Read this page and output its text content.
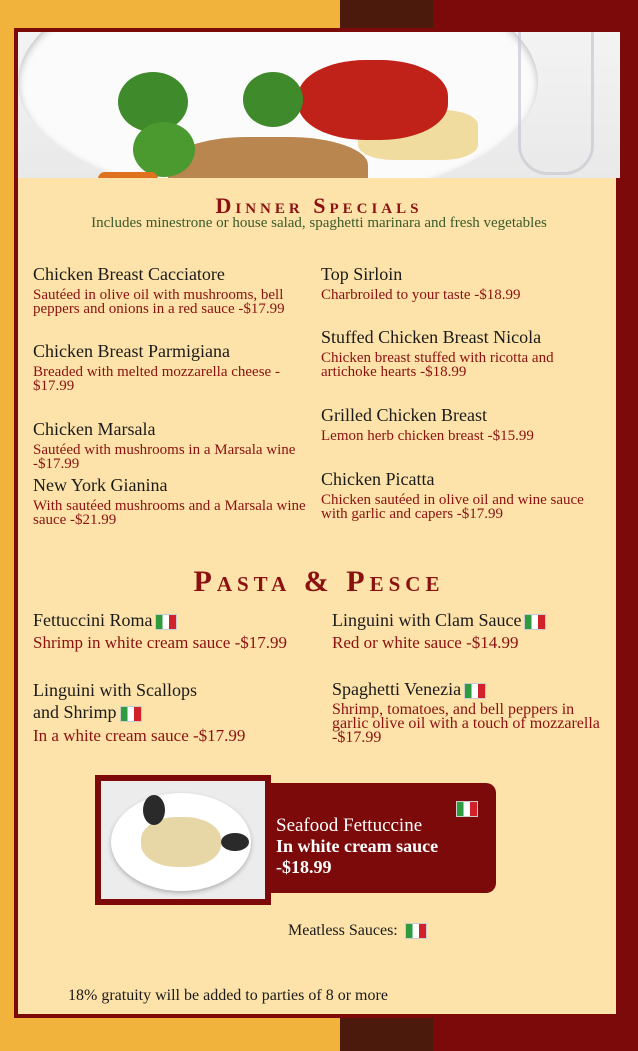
Dinner Specials
Includes minestrone or house salad, spaghetti marinara and fresh vegetables
Chicken Breast Cacciatore
Sautéed in olive oil with mushrooms, bell peppers and onions in a red sauce -$17.99
Chicken Breast Parmigiana
Breaded with melted mozzarella cheese - $17.99
Chicken Marsala
Sautéed with mushrooms in a Marsala wine -$17.99
New York Gianina
With sautéed mushrooms and a Marsala wine sauce -$21.99
Top Sirloin
Charbroiled to your taste -$18.99
Stuffed Chicken Breast Nicola
Chicken breast stuffed with ricotta and artichoke hearts -$18.99
Grilled Chicken Breast
Lemon herb chicken breast -$15.99
Chicken Picatta
Chicken sautéed in olive oil and wine sauce with garlic and capers -$17.99
Pasta & Pesce
Fettuccini Roma
Shrimp in white cream sauce -$17.99
Linguini with Clam Sauce
Red or white sauce -$14.99
Linguini with Scallops
and Shrimp
In a white cream sauce -$17.99
Spaghetti Venezia
Shrimp, tomatoes, and bell peppers in garlic olive oil with a touch of mozzarella -$17.99
Seafood Fettuccine
In white cream sauce
-$18.99
Meatless Sauces:
18% gratuity will be added to parties of 8 or more
